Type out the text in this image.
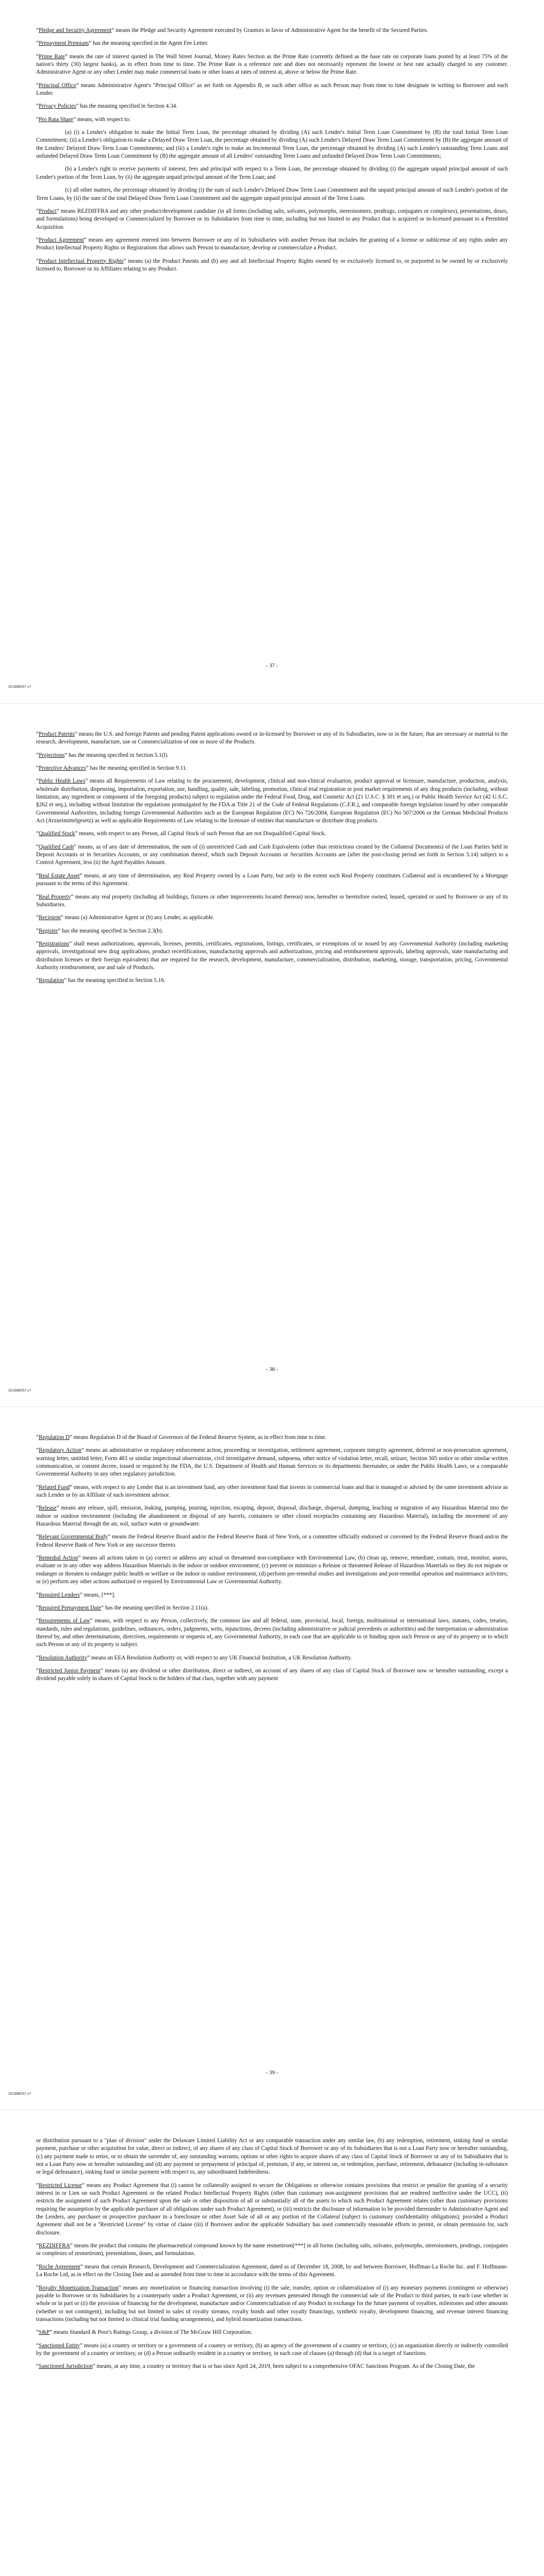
“Pledge and Security Agreement” means the Pledge and Security Agreement executed by Grantors in favor of Administrative Agent for the benefit of the Secured Parties.

“Prepayment Premium” has the meaning specified in the Agent Fee Letter.

“Prime Rate” means the rate of interest quoted in The Wall Street Journal, Money Rates Section as the Prime Rate (currently defined as the base rate on corporate loans posted by at least 75% of the nation's thirty (30) largest banks), as in effect from time to time. The Prime Rate is a reference rate and does not necessarily represent the lowest or best rate actually charged to any customer. Administrative Agent or any other Lender may make commercial loans or other loans at rates of interest at, above or below the Prime Rate.

“Principal Office” means Administrative Agent's "Principal Office" as set forth on Appendix B, or such other office as such Person may from time to time designate in writing to Borrower and each Lender.

“Privacy Policies” has the meaning specified in Section 4.34.

“Pro Rata Share” means, with respect to:

(a) (i) a Lender's obligation to make the Initial Term Loan, the percentage obtained by dividing (A) such Lender's Initial Term Loan Commitment by (B) the total Initial Term Loan Commitment; (ii) a Lender's obligation to make a Delayed Draw Term Loan, the percentage obtained by dividing (A) such Lender's Delayed Draw Term Loan Commitment by (B) the aggregate amount of the Lenders' Delayed Draw Term Loan Commitments; and (iii) a Lender's right to make an Incremental Term Loan, the percentage obtained by dividing (A) such Lender's outstanding Term Loans and unfunded Delayed Draw Term Loan Commitment by (B) the aggregate amount of all Lenders' outstanding Term Loans and unfunded Delayed Draw Term Loan Commitments;

(b) a Lender's right to receive payments of interest, fees and principal with respect to a Term Loan, the percentage obtained by dividing (i) the aggregate unpaid principal amount of such Lender's portion of the Term Loan, by (ii) the aggregate unpaid principal amount of the Term Loan; and

(c) all other matters, the percentage obtained by dividing (i) the sum of such Lender's Delayed Draw Term Loan Commitment and the unpaid principal amount of such Lender's portion of the Term Loans, by (ii) the sum of the total Delayed Draw Term Loan Commitment and the aggregate unpaid principal amount of the Term Loans.

“Product” means REZDIFFRA and any other product/development candidate (in all forms (including salts, solvates, polymorphs, stereoisomers, prodrugs, conjugates or complexes), presentations, doses, and formulations) being developed or Commercialized by Borrower or its Subsidiaries from time to time, including but not limited to any Product that is acquired or in-licensed pursuant to a Permitted Acquisition.

“Product Agreement” means any agreement entered into between Borrower or any of its Subsidiaries with another Person that includes the granting of a license or sublicense of any rights under any Product Intellectual Property Rights or Registrations that allows such Person to manufacture, develop or commercialize a Product.

“Product Intellectual Property Rights” means (a) the Product Patents and (b) any and all Intellectual Property Rights owned by or exclusively licensed to, or purported to be owned by or exclusively licensed to, Borrower or its Affiliates relating to any Product.

- 37 -
321888257 v7

“Product Patents” means the U.S. and foreign Patents and pending Patent applications owned or in-licensed by Borrower or any of its Subsidiaries, now or in the future, that are necessary or material to the research, development, manufacture, use or Commercialization of one or more of the Products.

“Projections” has the meaning specified in Section 5.1(l).

“Protective Advances” has the meaning specified in Section 9.11.

“Public Health Laws” means all Requirements of Law relating to the procurement, development, clinical and non-clinical evaluation, product approval or licensure, manufacture, production, analysis, wholesale distribution, dispensing, importation, exportation, use, handling, quality, sale, labeling, promotion, clinical trial registration or post market requirements of any drug products (including, without limitation, any ingredient or component of the foregoing products) subject to regulation under the Federal Food, Drug, and Cosmetic Act (21 U.S.C. § 301 et seq.) or Public Health Service Act (42 U.S.C. §262 et seq.), including without limitation the regulations promulgated by the FDA at Title 21 of the Code of Federal Regulations (C.F.R.), and comparable foreign legislation issued by other comparable Governmental Authorities, including foreign Governmental Authorities such as the European Regulation (EC) No 726/2004, European Regulation (EC) No 507/2006 or the German Medicinal Products Act (Arzneimittelgesetz) as well as applicable Requirements of Law relating to the licensure of entities that manufacture or distribute drug products.

“Qualified Stock” means, with respect to any Person, all Capital Stock of such Person that are not Disqualified Capital Stock.

“Qualified Cash” means, as of any date of determination, the sum of (i) unrestricted Cash and Cash Equivalents (other than restrictions created by the Collateral Documents) of the Loan Parties held in Deposit Accounts or in Securities Accounts, or any combination thereof, which such Deposit Accounts or Securities Accounts are (after the post-closing period set forth in Section 5.14) subject to a Control Agreement, less (ii) the Aged Payables Amount.

“Real Estate Asset” means, at any time of determination, any Real Property owned by a Loan Party, but only to the extent such Real Property constitutes Collateral and is encumbered by a Mortgage pursuant to the terms of this Agreement.

“Real Property” means any real property (including all buildings, fixtures or other improvements located thereon) now, hereafter or heretofore owned, leased, operated or used by Borrower or any of its Subsidiaries.

“Recipient” means (a) Administrative Agent or (b) any Lender, as applicable.

“Register” has the meaning specified in Section 2.3(b).

“Registrations” shall mean authorizations, approvals, licenses, permits, certificates, registrations, listings, certificates, or exemptions of or issued by any Governmental Authority (including marketing approvals, investigational new drug applications, product recertifications, manufacturing approvals and authorizations, pricing and reimbursement approvals, labeling approvals, state manufacturing and distribution licenses or their foreign equivalent) that are required for the research, development, manufacture, commercialization, distribution, marketing, storage, transportation, pricing, Governmental Authority reimbursement, use and sale of Products.

“Regulation” has the meaning specified in Section 5.16.

- 38 -
321888257 v7

“Regulation D” means Regulation D of the Board of Governors of the Federal Reserve System, as in effect from time to time.

“Regulatory Action” means an administrative or regulatory enforcement action, proceeding or investigation, settlement agreement, corporate integrity agreement, deferred or non-prosecution agreement, warning letter, untitled letter, Form 483 or similar inspectional observations, civil investigative demand, subpoena, other notice of violation letter, recall, seizure, Section 305 notice or other similar written communication, or consent decree, issued or required by the FDA, the U.S. Department of Health and Human Services or its departments thereunder, or under the Public Health Laws, or a comparable Governmental Authority in any other regulatory jurisdiction.

“Related Fund” means, with respect to any Lender that is an investment fund, any other investment fund that invests in commercial loans and that is managed or advised by the same investment advisor as such Lender or by an Affiliate of such investment advisor.

“Release” means any release, spill, emission, leaking, pumping, pouring, injection, escaping, deposit, disposal, discharge, dispersal, dumping, leaching or migration of any Hazardous Material into the indoor or outdoor environment (including the abandonment or disposal of any barrels, containers or other closed receptacles containing any Hazardous Material), including the movement of any Hazardous Material through the air, soil, surface water or groundwater.

“Relevant Governmental Body” means the Federal Reserve Board and/or the Federal Reserve Bank of New York, or a committee officially endorsed or convened by the Federal Reserve Board and/or the Federal Reserve Bank of New York or any successor thereto.

“Remedial Action” means all actions taken to (a) correct or address any actual or threatened non-compliance with Environmental Law, (b) clean up, remove, remediate, contain, treat, monitor, assess, evaluate or in any other way address Hazardous Materials in the indoor or outdoor environment; (c) prevent or minimize a Release or threatened Release of Hazardous Materials so they do not migrate or endanger or threaten to endanger public health or welfare or the indoor or outdoor environment; (d) perform pre-remedial studies and investigations and post-remedial operation and maintenance activities; or (e) perform any other actions authorized or required by Environmental Law or Governmental Authority.

“Required Lenders” means, [***].

“Required Prepayment Date” has the meaning specified in Section 2.11(a).

“Requirements of Law” means, with respect to any Person, collectively, the common law and all federal, state, provincial, local, foreign, multinational or international laws, statutes, codes, treaties, standards, rules and regulations, guidelines, ordinances, orders, judgments, writs, injunctions, decrees (including administrative or judicial precedents or authorities) and the interpretation or administration thereof by, and other determinations, directives, requirements or requests of, any Governmental Authority, in each case that are applicable to or binding upon such Person or any of its property or to which such Person or any of its property is subject.

“Resolution Authority” means an EEA Resolution Authority or, with respect to any UK Financial Institution, a UK Resolution Authority.

“Restricted Junior Payment” means (a) any dividend or other distribution, direct or indirect, on account of any shares of any class of Capital Stock of Borrower now or hereafter outstanding, except a dividend payable solely in shares of Capital Stock to the holders of that class, together with any payment

- 39 -
321888257 v7

or distribution pursuant to a "plan of division" under the Delaware Limited Liability Act or any comparable transaction under any similar law, (b) any redemption, retirement, sinking fund or similar payment, purchase or other acquisition for value, direct or indirect, of any shares of any class of Capital Stock of Borrower or any of its Subsidiaries that is not a Loan Party now or hereafter outstanding, (c) any payment made to retire, or to obtain the surrender of, any outstanding warrants, options or other rights to acquire shares of any class of Capital Stock of Borrower or any of its Subsidiaries that is not a Loan Party now or hereafter outstanding and (d) any payment or prepayment of principal of, premium, if any, or interest on, or redemption, purchase, retirement, defeasance (including in-substance or legal defeasance), sinking fund or similar payment with respect to, any subordinated Indebtedness.

“Restricted License” means any Product Agreement that (i) cannot be collaterally assigned to secure the Obligations or otherwise contains provisions that restrict or penalize the granting of a security interest in or Lien on such Product Agreement or the related Product Intellectual Property Rights (other than customary non-assignment provisions that are rendered ineffective under the UCC), (ii) restricts the assignment of such Product Agreement upon the sale or other disposition of all or substantially all of the assets to which such Product Agreement relates (other than customary provisions requiring the assumption by the applicable purchaser of all obligations under such Product Agreement), or (iii) restricts the disclosure of information to be provided thereunder to Administrative Agent and the Lenders, any purchaser or prospective purchaser in a foreclosure or other Asset Sale of all or any portion of the Collateral (subject to customary confidentiality obligations); provided a Product Agreement shall not be a "Restricted License" by virtue of clause (iii) if Borrower and/or the applicable Subsidiary has used commercially reasonable efforts to permit, or obtain permission for, such disclosure.

“REZDIFFRA” means the product that contains the pharmaceutical compound known by the name resmetirom[***] in all forms (including salts, solvates, polymorphs, stereoisomers, prodrugs, conjugates or complexes of resmetirom), presentations, doses, and formulations.

“Roche Agreement” means that certain Research, Development and Commercialization Agreement, dated as of December 18, 2008, by and between Borrower, Hoffman-La Roche Inc. and F. Hoffmann-La Roche Ltd, as in effect on the Closing Date and as amended from time to time in accordance with the terms of this Agreement.

“Royalty Monetization Transaction” means any monetization or financing transaction involving (i) the sale, transfer, option or collateralization of (i) any monetary payments (contingent or otherwise) payable to Borrower or its Subsidiaries by a counterparty under a Product Agreement, or (ii) any revenues generated through the commercial sale of the Product to third parties, in each case whether in whole or in part or (ii) the provision of financing for the development, manufacture and/or Commercialization of any Product in exchange for the future payment of royalties, milestones and other amounts (whether or not contingent), including but not limited to sales of royalty streams, royalty bonds and other royalty financings, synthetic royalty, development financing, and revenue interest financing transactions (including but not limited to clinical trial funding arrangements), and hybrid monetization transactions.

“S&P” means Standard & Poor's Ratings Group, a division of The McGraw Hill Corporation.

“Sanctioned Entity” means (a) a country or territory or a government of a country or territory, (b) an agency of the government of a country or territory, (c) an organization directly or indirectly controlled by the government of a country or territory, or (d) a Person ordinarily resident in a country or territory, in each case of clauses (a) through (d) that is a target of Sanctions.

“Sanctioned Jurisdiction” means, at any time, a country or territory that is or has since April 24, 2019, been subject to a comprehensive OFAC Sanctions Program. As of the Closing Date, the
